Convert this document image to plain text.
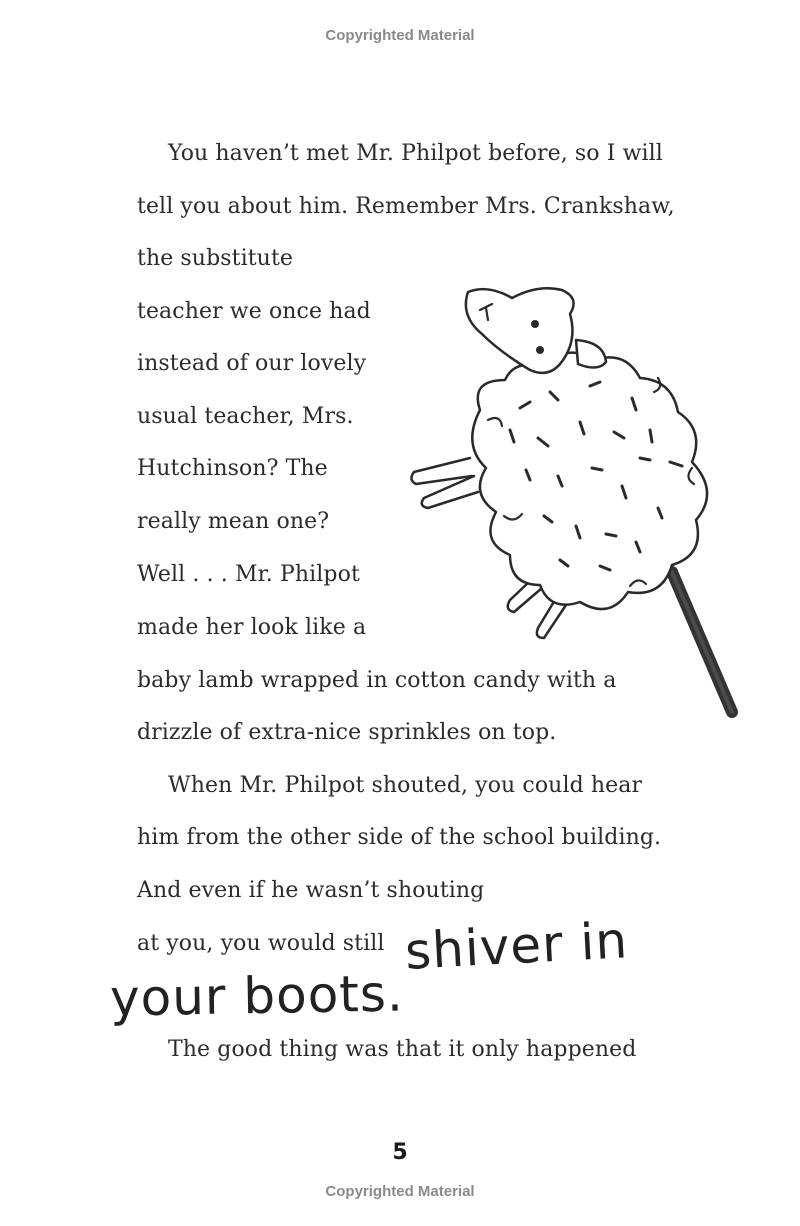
Copyrighted Material
You haven’t met Mr. Philpot before, so I will
tell you about him. Remember Mrs. Crankshaw,
the substitute
teacher we once had
instead of our lovely
usual teacher, Mrs.
Hutchinson? The
really mean one?
Well . . . Mr. Philpot
made her look like a
baby lamb wrapped in cotton candy with a
drizzle of extra-nice sprinkles on top.
When Mr. Philpot shouted, you could hear
him from the other side of the school building.
And even if he wasn’t shouting
at you, you would still shiver in
your boots.
The good thing was that it only happened
5
Copyrighted Material
